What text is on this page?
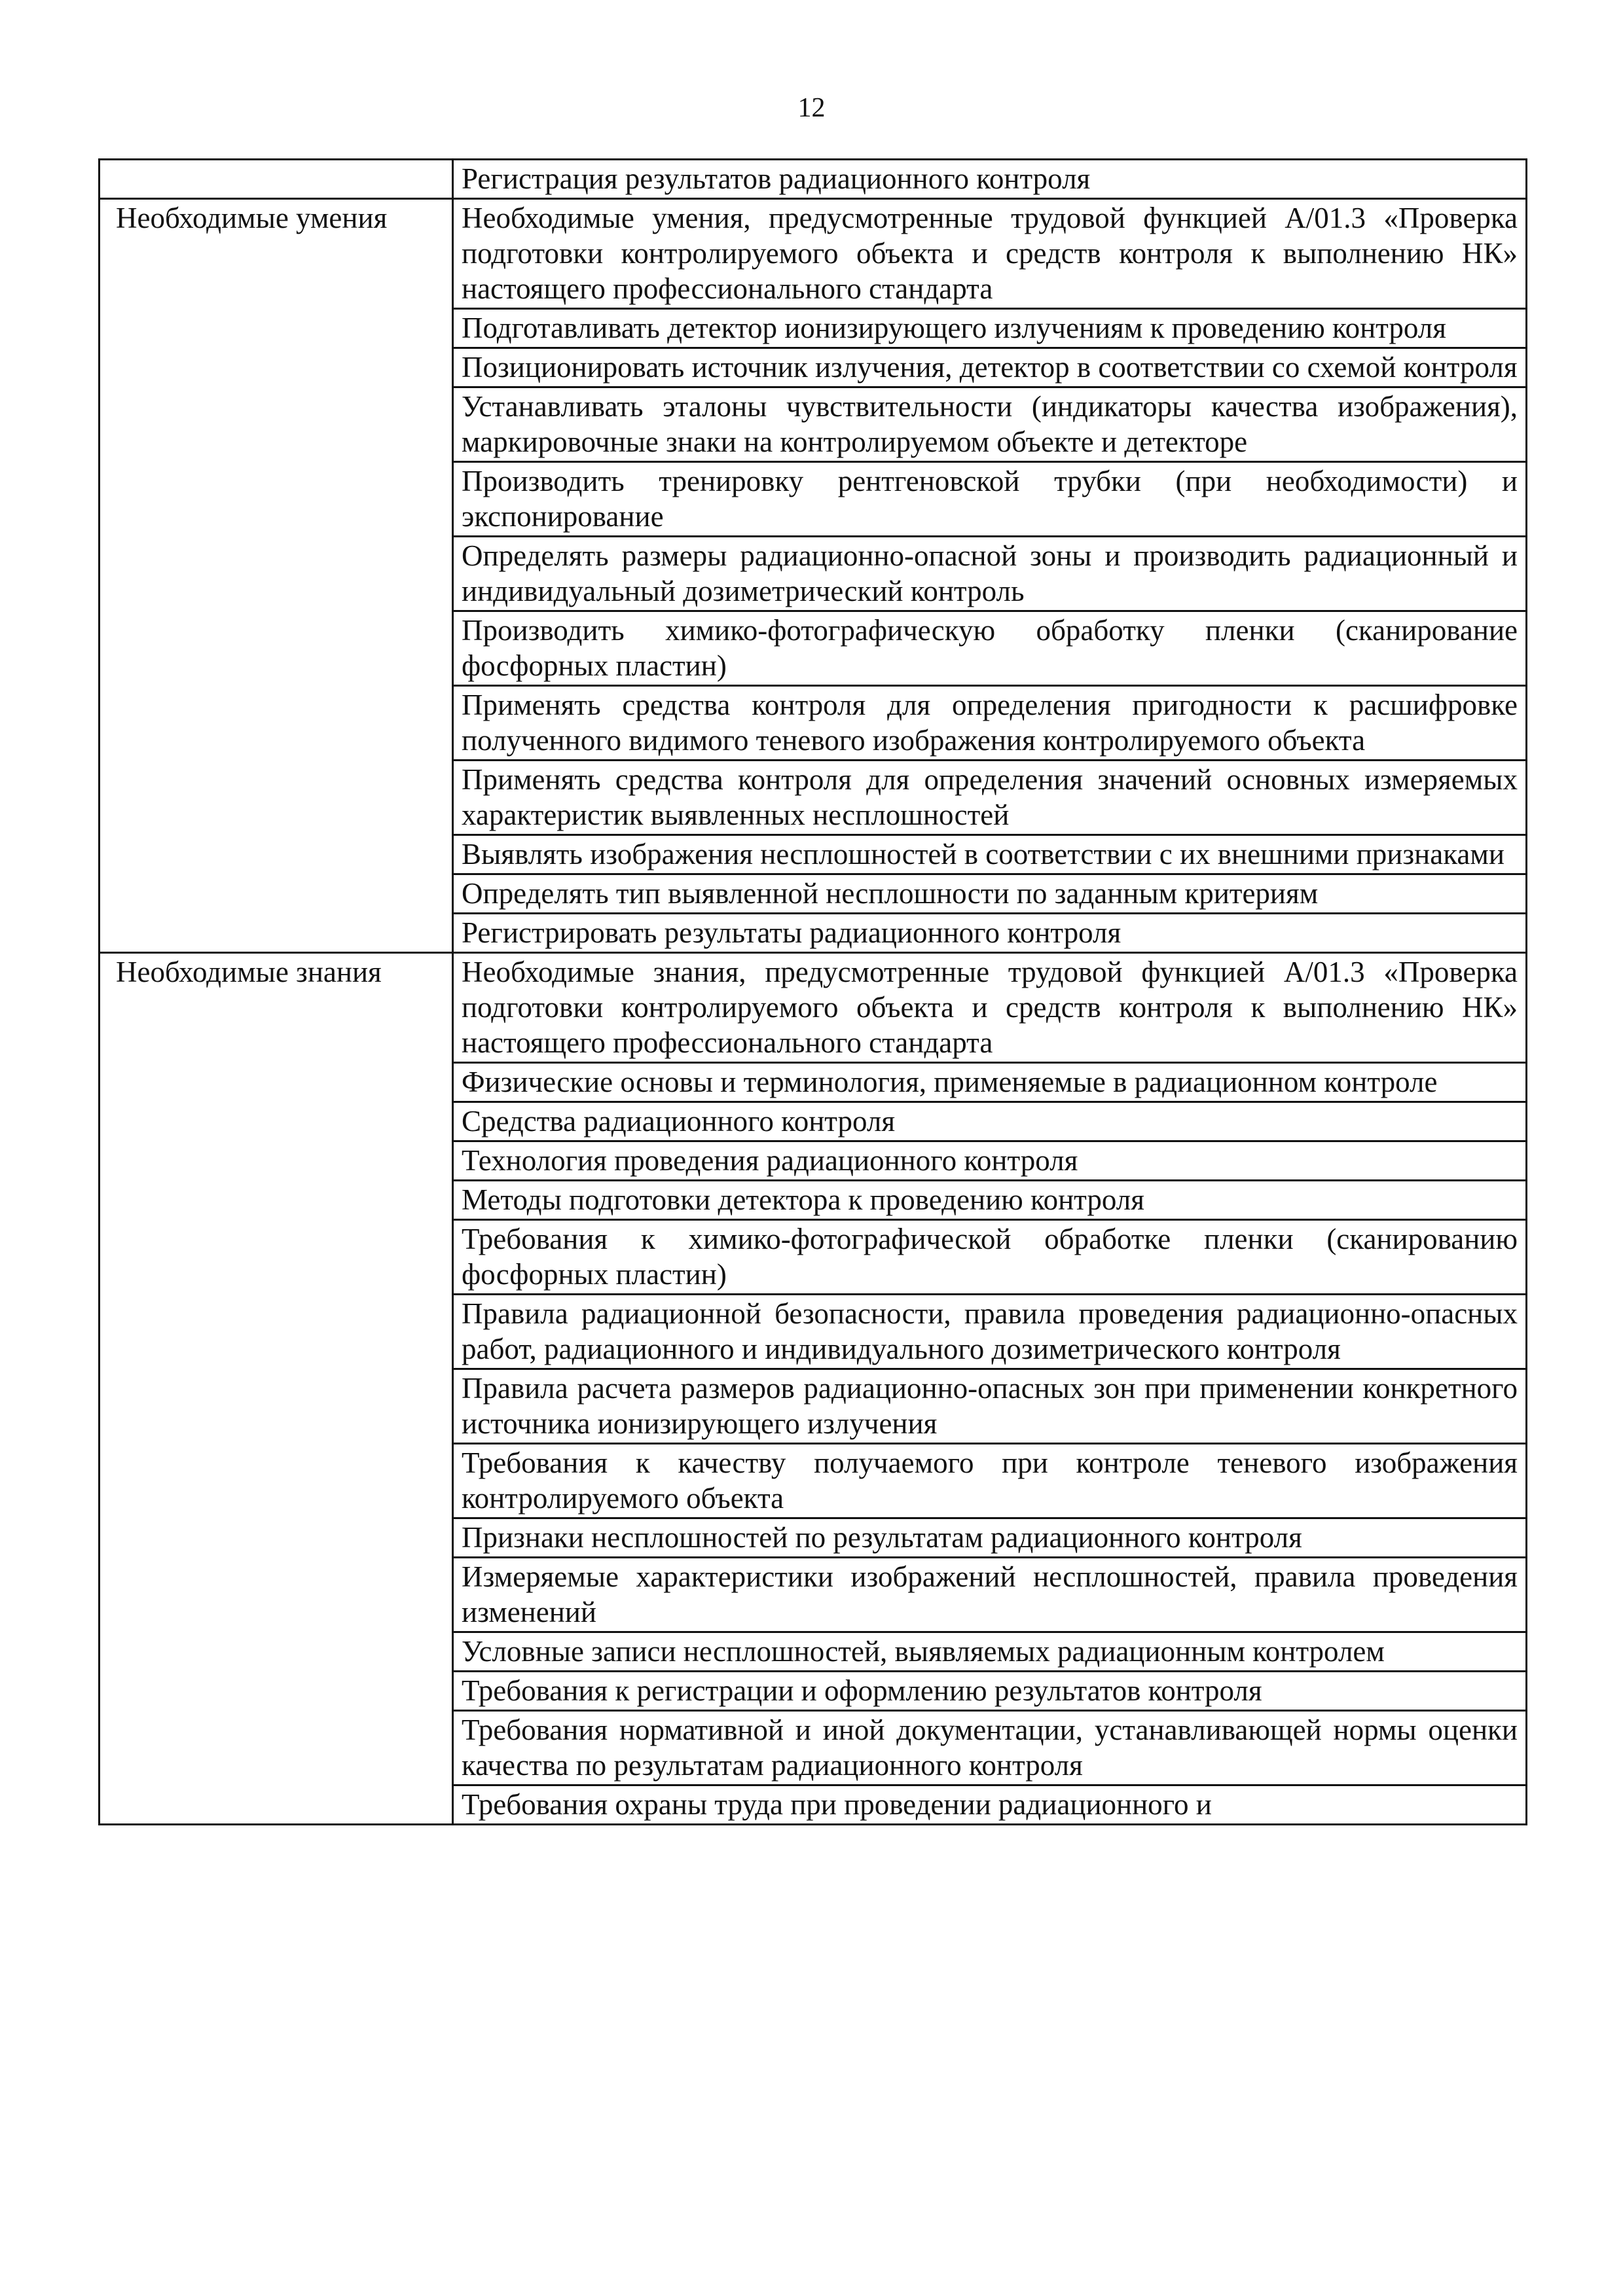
12
	Регистрация результатов радиационного контроля
Необходимые умения	Необходимые умения, предусмотренные трудовой функцией A/01.3 «Проверка подготовки контролируемого объекта и средств контроля к выполнению НК» настоящего профессионального стандарта
	Подготавливать детектор ионизирующего излучениям к проведению контроля
	Позиционировать источник излучения, детектор в соответствии со схемой контроля
	Устанавливать эталоны чувствительности (индикаторы качества изображения), маркировочные знаки на контролируемом объекте и детекторе
	Производить тренировку рентгеновской трубки (при необходимости) и экспонирование
	Определять размеры радиационно-опасной зоны и производить радиационный и индивидуальный дозиметрический контроль
	Производить химико-фотографическую обработку пленки (сканирование фосфорных пластин)
	Применять средства контроля для определения пригодности к расшифровке полученного видимого теневого изображения контролируемого объекта
	Применять средства контроля для определения значений основных измеряемых характеристик выявленных несплошностей
	Выявлять изображения несплошностей в соответствии с их внешними признаками
	Определять тип выявленной несплошности по заданным критериям
	Регистрировать результаты радиационного контроля
Необходимые знания	Необходимые знания, предусмотренные трудовой функцией A/01.3 «Проверка подготовки контролируемого объекта и средств контроля к выполнению НК» настоящего профессионального стандарта
	Физические основы и терминология, применяемые в радиационном контроле
	Средства радиационного контроля
	Технология проведения радиационного контроля
	Методы подготовки детектора к проведению контроля
	Требования к химико-фотографической обработке пленки (сканированию фосфорных пластин)
	Правила радиационной безопасности, правила проведения радиационно-опасных работ, радиационного и индивидуального дозиметрического контроля
	Правила расчета размеров радиационно-опасных зон при применении конкретного источника ионизирующего излучения
	Требования к качеству получаемого при контроле теневого изображения контролируемого объекта
	Признаки несплошностей по результатам радиационного контроля
	Измеряемые характеристики изображений несплошностей, правила проведения изменений
	Условные записи несплошностей, выявляемых радиационным контролем
	Требования к регистрации и оформлению результатов контроля
	Требования нормативной и иной документации, устанавливающей нормы оценки качества по результатам радиационного контроля
	Требования охраны труда при проведении радиационного и
